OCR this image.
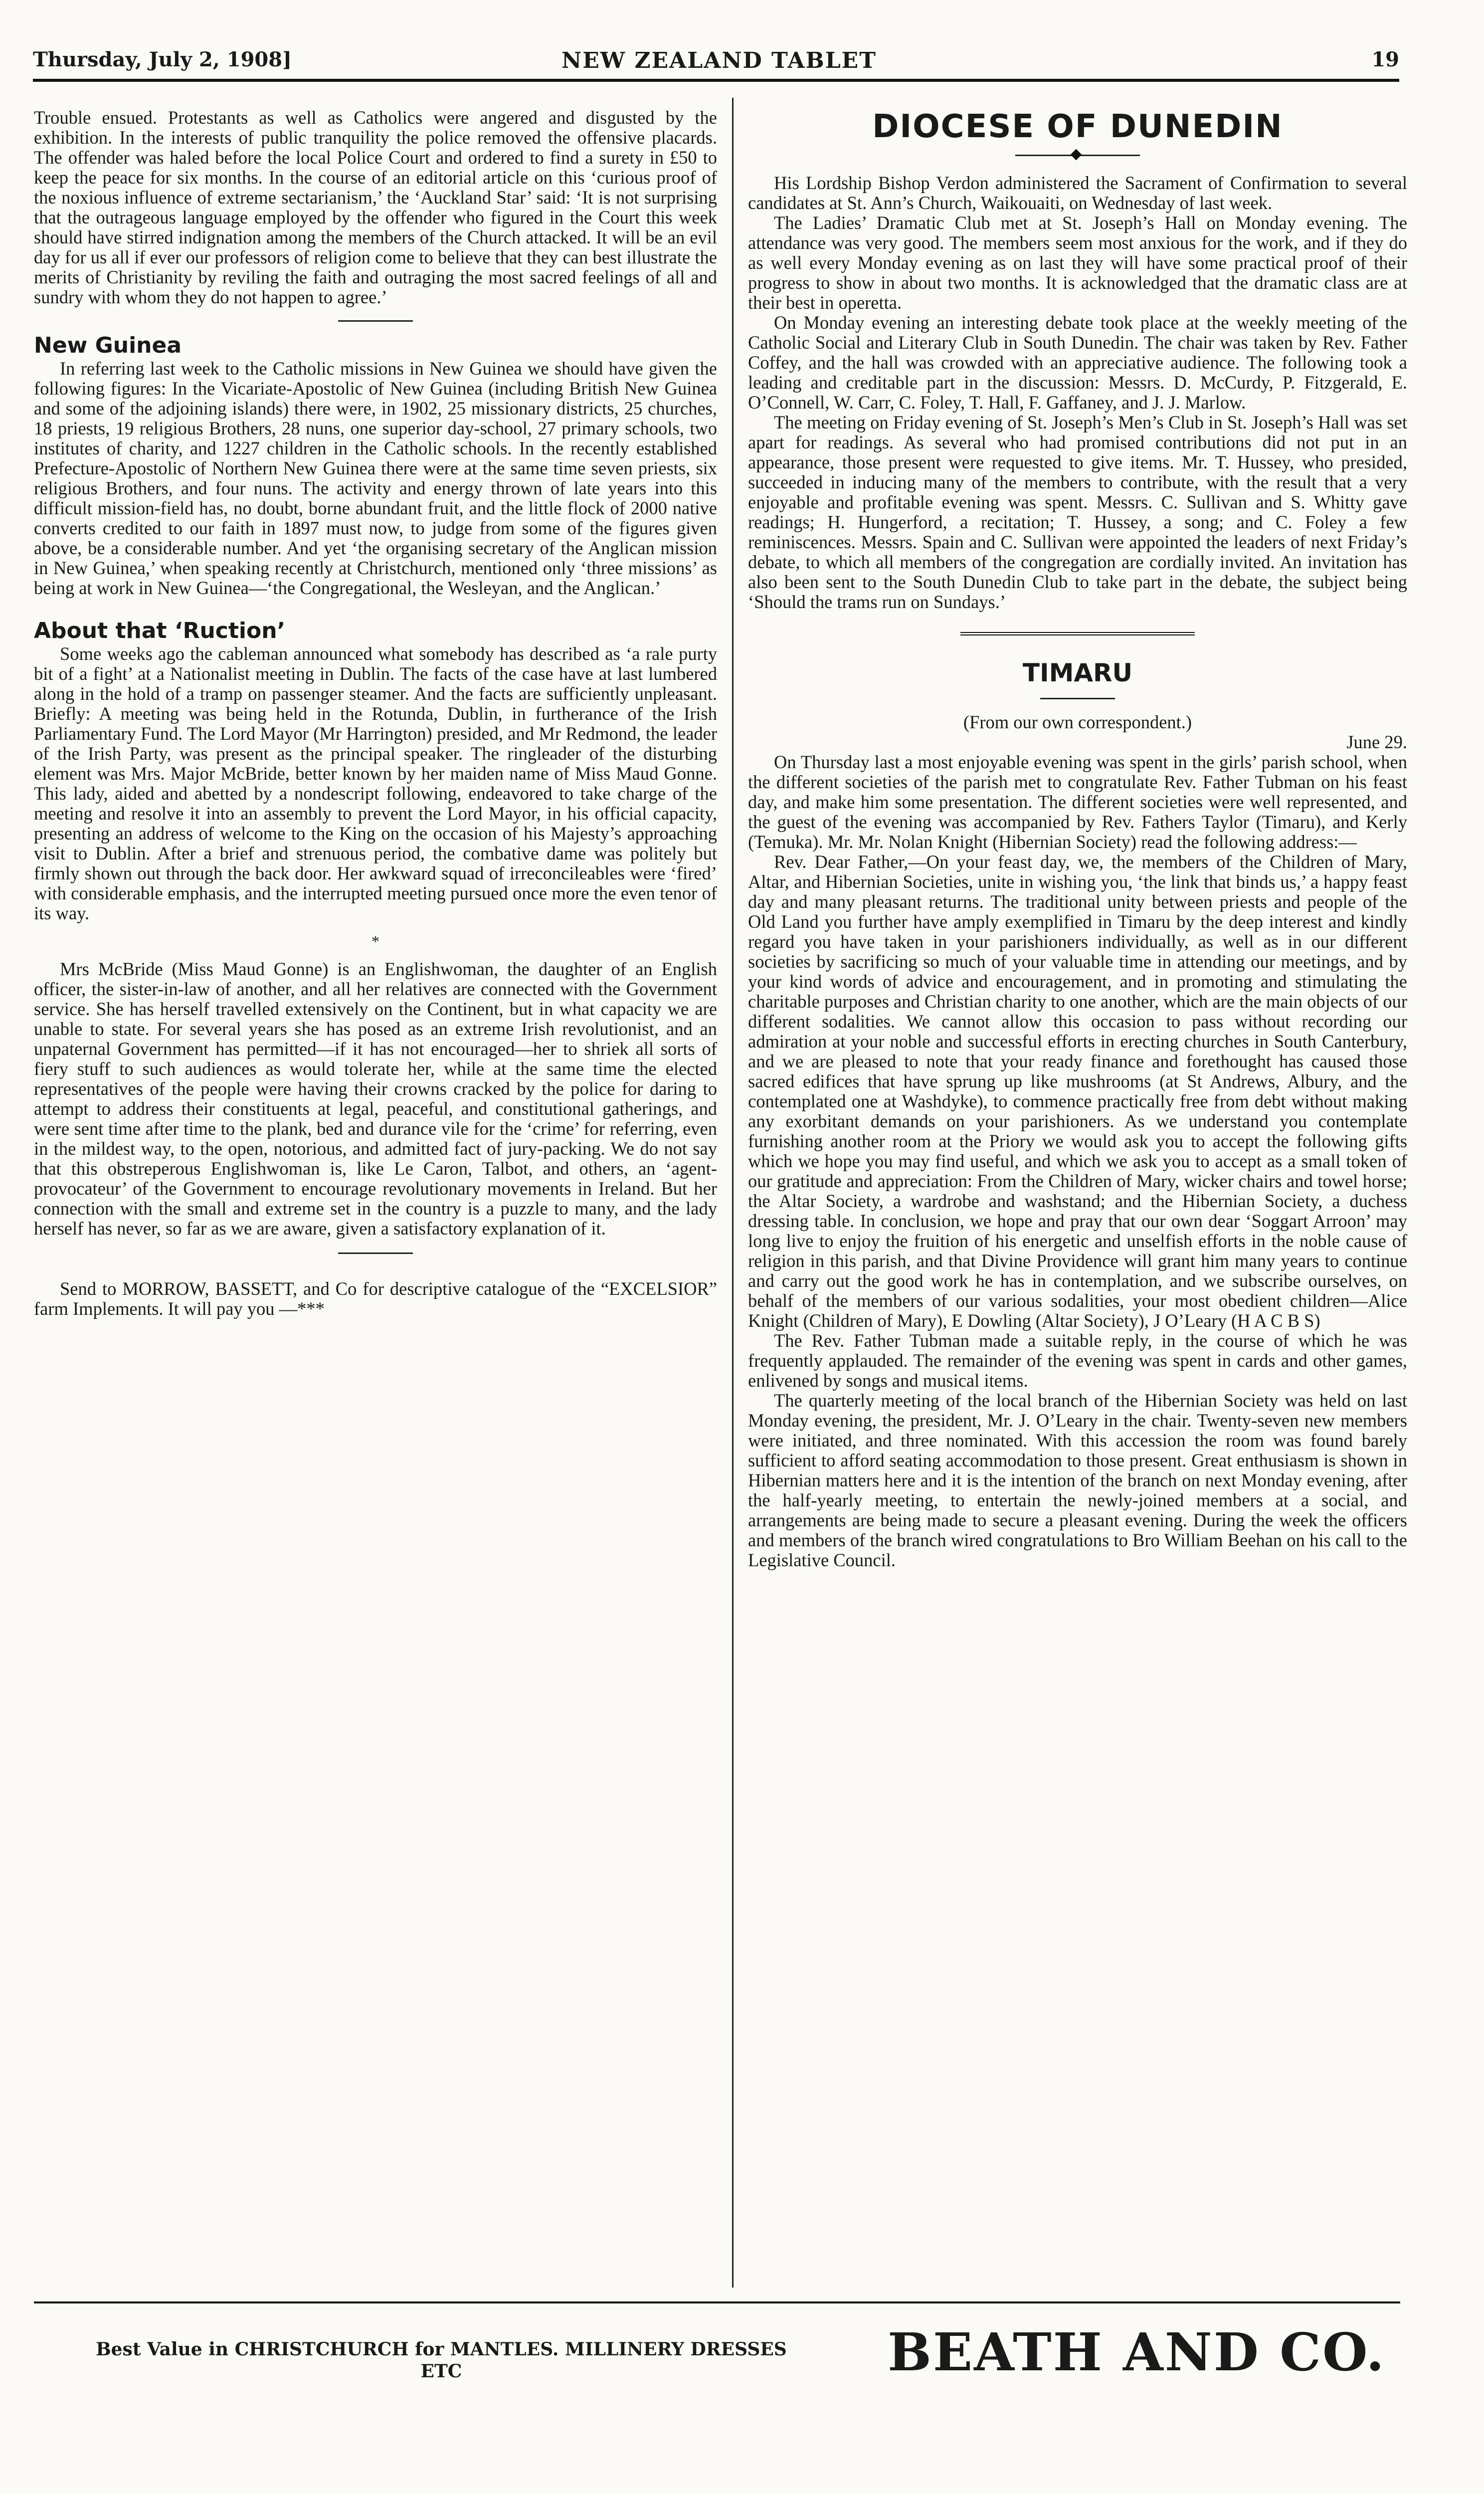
Thursday, July 2, 1908]	NEW ZEALAND TABLET	19

Trouble ensued. Protestants as well as Catholics were angered and disgusted by the exhibition. In the interests of public tranquility the police removed the offensive placards. The offender was haled before the local Police Court and ordered to find a surety in £50 to keep the peace for six months. In the course of an editorial article on this ‘curious proof of the noxious influence of extreme sectarianism,’ the ‘Auckland Star’ said: ‘It is not surprising that the outrageous language employed by the offender who figured in the Court this week should have stirred indignation among the members of the Church attacked. It will be an evil day for us all if ever our professors of religion come to believe that they can best illustrate the merits of Christianity by reviling the faith and outraging the most sacred feelings of all and sundry with whom they do not happen to agree.’

New Guinea

In referring last week to the Catholic missions in New Guinea we should have given the following figures: In the Vicariate-Apostolic of New Guinea (including British New Guinea and some of the adjoining islands) there were, in 1902, 25 missionary districts, 25 churches, 18 priests, 19 religious Brothers, 28 nuns, one superior day-school, 27 primary schools, two institutes of charity, and 1227 children in the Catholic schools. In the recently established Prefecture-Apostolic of Northern New Guinea there were at the same time seven priests, six religious Brothers, and four nuns. The activity and energy thrown of late years into this difficult mission-field has, no doubt, borne abundant fruit, and the little flock of 2000 native converts credited to our faith in 1897 must now, to judge from some of the figures given above, be a considerable number. And yet ‘the organising secretary of the Anglican mission in New Guinea,’ when speaking recently at Christchurch, mentioned only ‘three missions’ as being at work in New Guinea—‘the Congregational, the Wesleyan, and the Anglican.’

About that ‘Ruction’

Some weeks ago the cableman announced what somebody has described as ‘a rale purty bit of a fight’ at a Nationalist meeting in Dublin. The facts of the case have at last lumbered along in the hold of a tramp on passenger steamer. And the facts are sufficiently unpleasant. Briefly: A meeting was being held in the Rotunda, Dublin, in furtherance of the Irish Parliamentary Fund. The Lord Mayor (Mr Harrington) presided, and Mr Redmond, the leader of the Irish Party, was present as the principal speaker. The ringleader of the disturbing element was Mrs. Major McBride, better known by her maiden name of Miss Maud Gonne. This lady, aided and abetted by a nondescript following, endeavored to take charge of the meeting and resolve it into an assembly to prevent the Lord Mayor, in his official capacity, presenting an address of welcome to the King on the occasion of his Majesty’s approaching visit to Dublin. After a brief and strenuous period, the combative dame was politely but firmly shown out through the back door. Her awkward squad of irreconcileables were ‘fired’ with considerable emphasis, and the interrupted meeting pursued once more the even tenor of its way.

*

Mrs McBride (Miss Maud Gonne) is an Englishwoman, the daughter of an English officer, the sister-in-law of another, and all her relatives are connected with the Government service. She has herself travelled extensively on the Continent, but in what capacity we are unable to state. For several years she has posed as an extreme Irish revolutionist, and an unpaternal Government has permitted—if it has not encouraged—her to shriek all sorts of fiery stuff to such audiences as would tolerate her, while at the same time the elected representatives of the people were having their crowns cracked by the police for daring to attempt to address their constituents at legal, peaceful, and constitutional gatherings, and were sent time after time to the plank, bed and durance vile for the ‘crime’ for referring, even in the mildest way, to the open, notorious, and admitted fact of jury-packing. We do not say that this obstreperous Englishwoman is, like Le Caron, Talbot, and others, an ‘agent-provocateur’ of the Government to encourage revolutionary movements in Ireland. But her connection with the small and extreme set in the country is a puzzle to many, and the lady herself has never, so far as we are aware, given a satisfactory explanation of it.

Send to MORROW, BASSETT, and Co for descriptive catalogue of the “EXCELSIOR” farm Implements. It will pay you —***

DIOCESE OF DUNEDIN

His Lordship Bishop Verdon administered the Sacrament of Confirmation to several candidates at St. Ann’s Church, Waikouaiti, on Wednesday of last week.

The Ladies’ Dramatic Club met at St. Joseph’s Hall on Monday evening. The attendance was very good. The members seem most anxious for the work, and if they do as well every Monday evening as on last they will have some practical proof of their progress to show in about two months. It is acknowledged that the dramatic class are at their best in operetta.

On Monday evening an interesting debate took place at the weekly meeting of the Catholic Social and Literary Club in South Dunedin. The chair was taken by Rev. Father Coffey, and the hall was crowded with an appreciative audience. The following took a leading and creditable part in the discussion: Messrs. D. McCurdy, P. Fitzgerald, E. O’Connell, W. Carr, C. Foley, T. Hall, F. Gaffaney, and J. J. Marlow.

The meeting on Friday evening of St. Joseph’s Men’s Club in St. Joseph’s Hall was set apart for readings. As several who had promised contributions did not put in an appearance, those present were requested to give items. Mr. T. Hussey, who presided, succeeded in inducing many of the members to contribute, with the result that a very enjoyable and profitable evening was spent. Messrs. C. Sullivan and S. Whitty gave readings; H. Hungerford, a recitation; T. Hussey, a song; and C. Foley a few reminiscences. Messrs. Spain and C. Sullivan were appointed the leaders of next Friday’s debate, to which all members of the congregation are cordially invited. An invitation has also been sent to the South Dunedin Club to take part in the debate, the subject being ‘Should the trams run on Sundays.’

TIMARU

(From our own correspondent.)

June 29.

On Thursday last a most enjoyable evening was spent in the girls’ parish school, when the different societies of the parish met to congratulate Rev. Father Tubman on his feast day, and make him some presentation. The different societies were well represented, and the guest of the evening was accompanied by Rev. Fathers Taylor (Timaru), and Kerly (Temuka). Mr. Mr. Nolan Knight (Hibernian Society) read the following address:—

Rev. Dear Father,—On your feast day, we, the members of the Children of Mary, Altar, and Hibernian Societies, unite in wishing you, ‘the link that binds us,’ a happy feast day and many pleasant returns. The traditional unity between priests and people of the Old Land you further have amply exemplified in Timaru by the deep interest and kindly regard you have taken in your parishioners individually, as well as in our different societies by sacrificing so much of your valuable time in attending our meetings, and by your kind words of advice and encouragement, and in promoting and stimulating the charitable purposes and Christian charity to one another, which are the main objects of our different sodalities. We cannot allow this occasion to pass without recording our admiration at your noble and successful efforts in erecting churches in South Canterbury, and we are pleased to note that your ready finance and forethought has caused those sacred edifices that have sprung up like mushrooms (at St Andrews, Albury, and the contemplated one at Washdyke), to commence practically free from debt without making any exorbitant demands on your parishioners. As we understand you contemplate furnishing another room at the Priory we would ask you to accept the following gifts which we hope you may find useful, and which we ask you to accept as a small token of our gratitude and appreciation: From the Children of Mary, wicker chairs and towel horse; the Altar Society, a wardrobe and washstand; and the Hibernian Society, a duchess dressing table. In conclusion, we hope and pray that our own dear ‘Soggart Arroon’ may long live to enjoy the fruition of his energetic and unselfish efforts in the noble cause of religion in this parish, and that Divine Providence will grant him many years to continue and carry out the good work he has in contemplation, and we subscribe ourselves, on behalf of the members of our various sodalities, your most obedient children—Alice Knight (Children of Mary), E Dowling (Altar Society), J O’Leary (H A C B S)

The Rev. Father Tubman made a suitable reply, in the course of which he was frequently applauded. The remainder of the evening was spent in cards and other games, enlivened by songs and musical items.

The quarterly meeting of the local branch of the Hibernian Society was held on last Monday evening, the president, Mr. J. O’Leary in the chair. Twenty-seven new members were initiated, and three nominated. With this accession the room was found barely sufficient to afford seating accommodation to those present. Great enthusiasm is shown in Hibernian matters here and it is the intention of the branch on next Monday evening, after the half-yearly meeting, to entertain the newly-joined members at a social, and arrangements are being made to secure a pleasant evening. During the week the officers and members of the branch wired congratulations to Bro William Beehan on his call to the Legislative Council.

Best Value in CHRISTCHURCH for MANTLES. MILLINERY DRESSES ETC	BEATH AND CO.
